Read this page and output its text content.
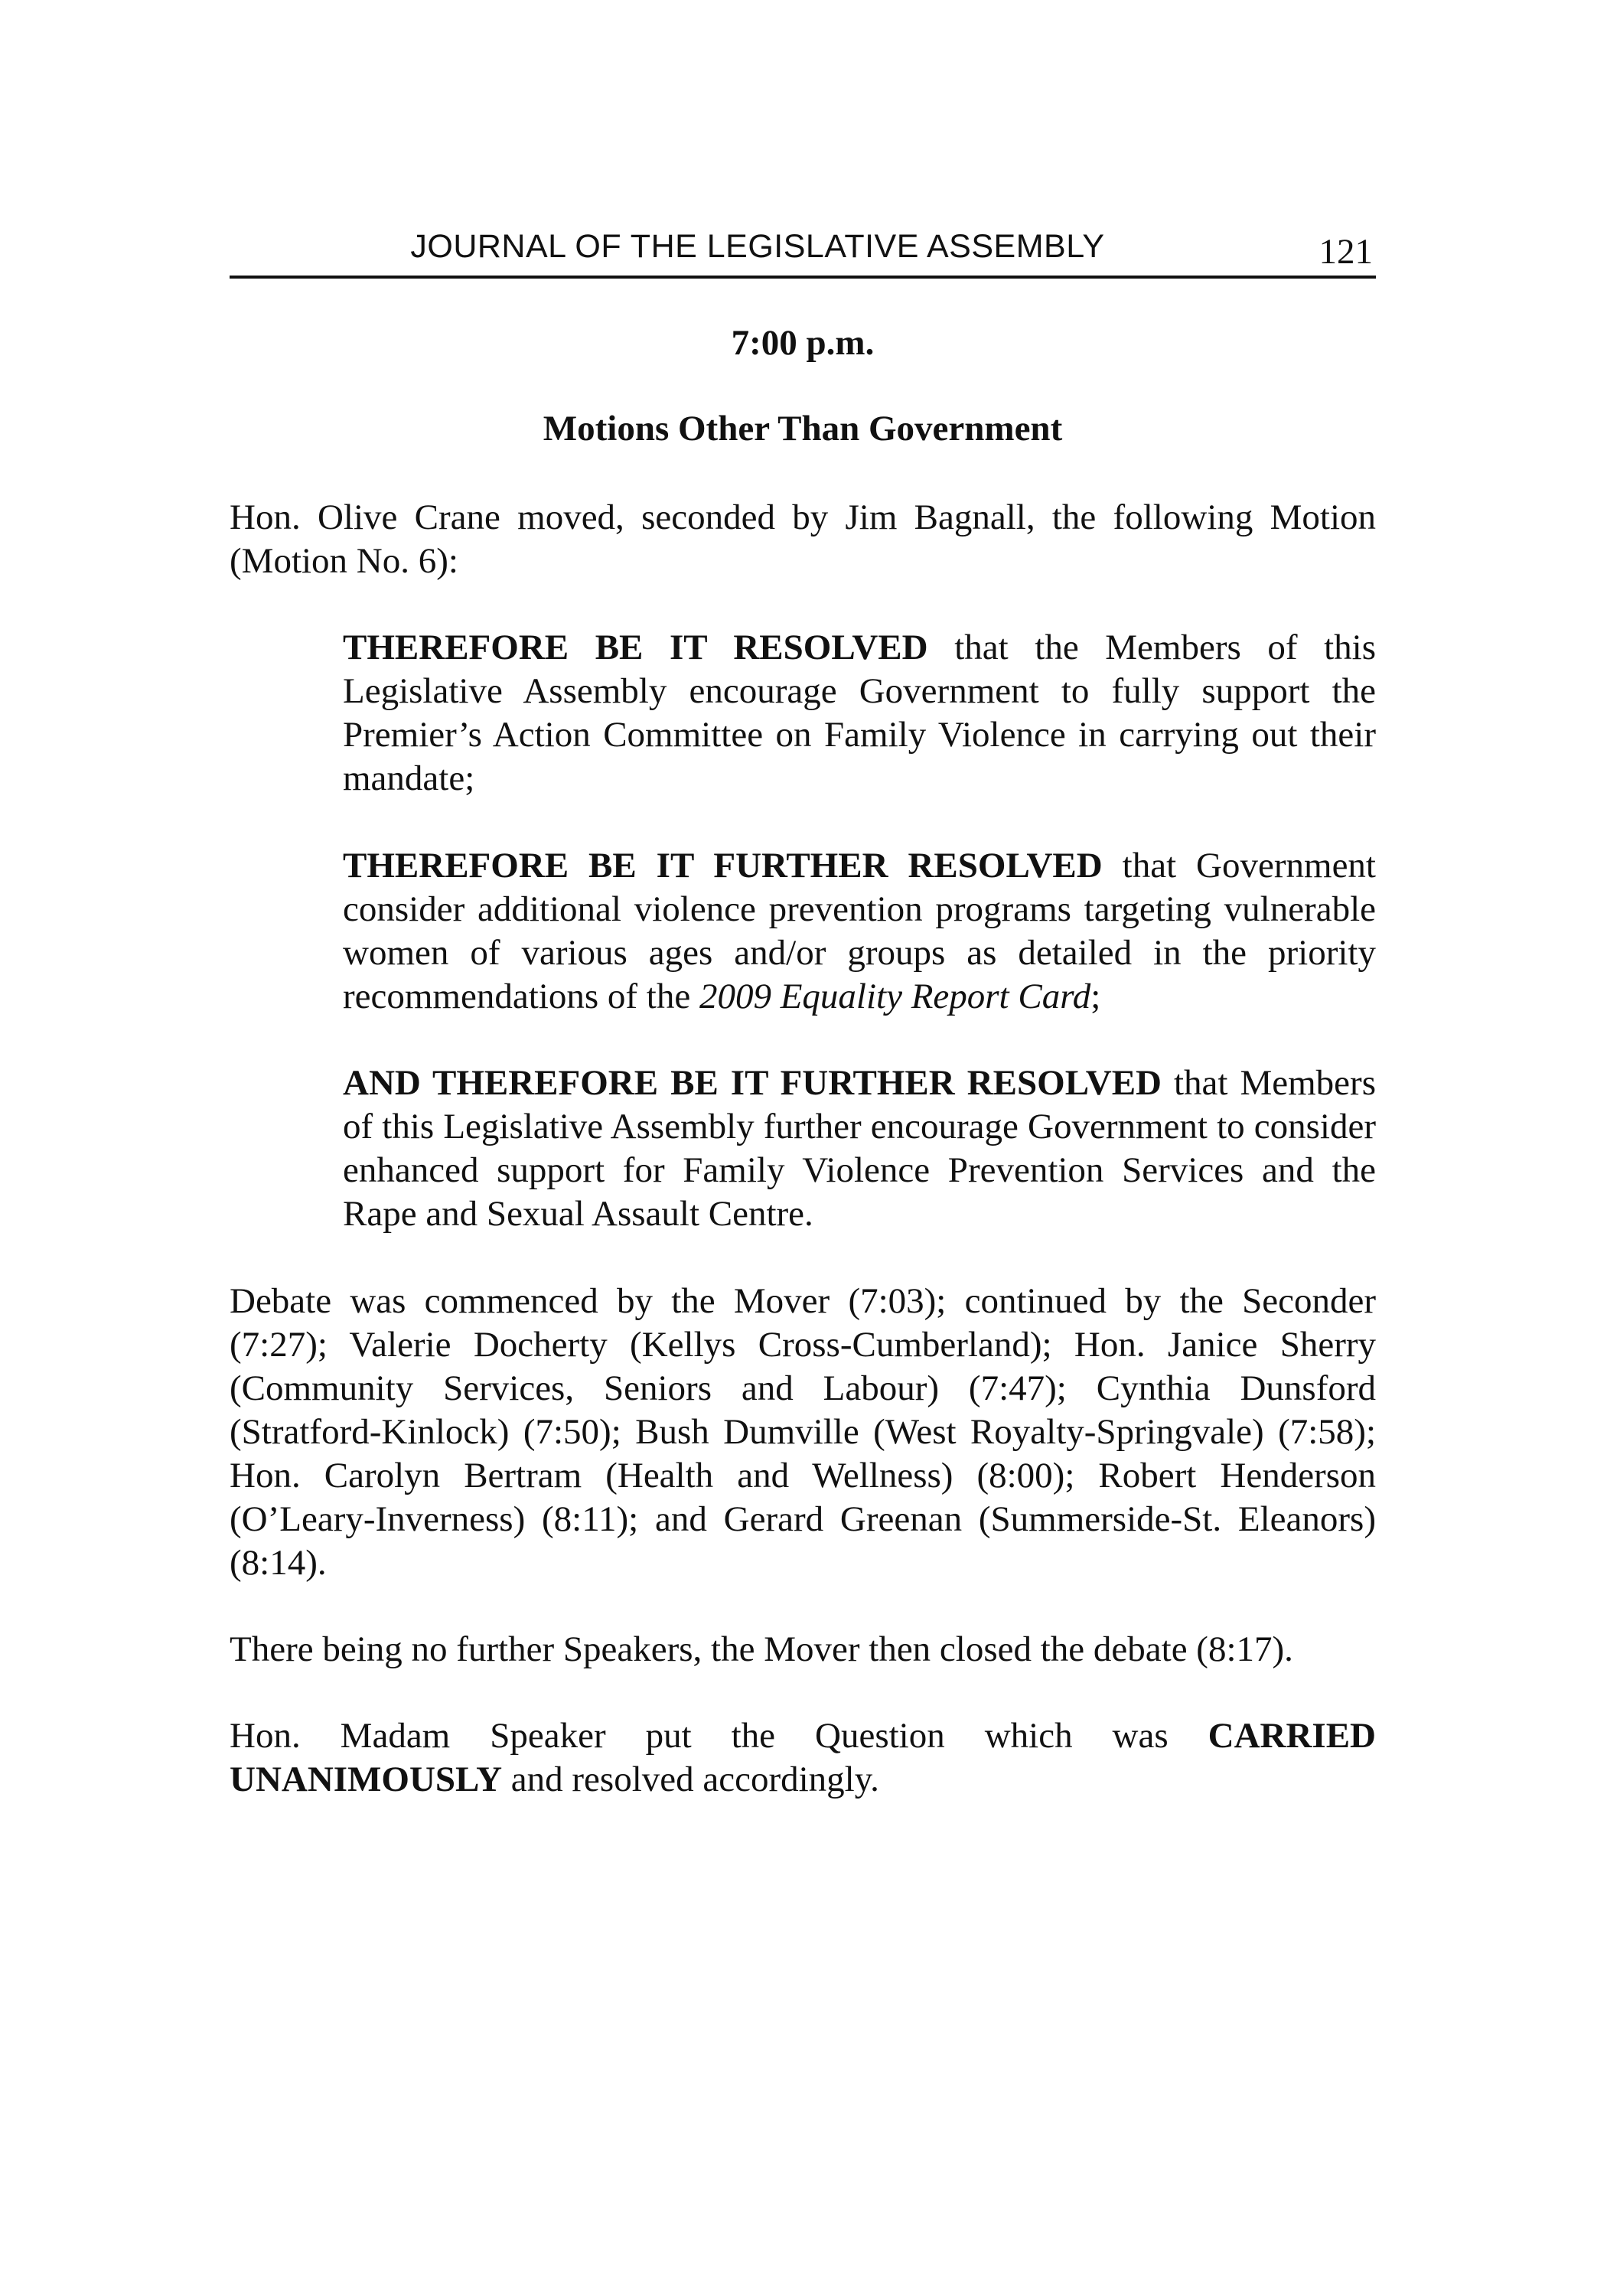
JOURNAL OF THE LEGISLATIVE ASSEMBLY	121
7:00 p.m.
Motions Other Than Government
Hon. Olive Crane moved, seconded by Jim Bagnall, the following Motion (Motion No. 6):
THEREFORE BE IT RESOLVED that the Members of this Legislative Assembly encourage Government to fully support the Premier’s Action Committee on Family Violence in carrying out their mandate;
THEREFORE BE IT FURTHER RESOLVED that Government consider additional violence prevention programs targeting vulnerable women of various ages and/or groups as detailed in the priority recommendations of the 2009 Equality Report Card;
AND THEREFORE BE IT FURTHER RESOLVED that Members of this Legislative Assembly further encourage Government to consider enhanced support for Family Violence Prevention Services and the Rape and Sexual Assault Centre.
Debate was commenced by the Mover (7:03); continued by the Seconder (7:27); Valerie Docherty (Kellys Cross-Cumberland); Hon. Janice Sherry (Community Services, Seniors and Labour) (7:47); Cynthia Dunsford (Stratford-Kinlock) (7:50); Bush Dumville (West Royalty-Springvale) (7:58); Hon. Carolyn Bertram (Health and Wellness) (8:00); Robert Henderson (O’Leary-Inverness) (8:11); and Gerard Greenan (Summerside-St. Eleanors) (8:14).
There being no further Speakers, the Mover then closed the debate (8:17).
Hon. Madam Speaker put the Question which was CARRIED UNANIMOUSLY and resolved accordingly.
